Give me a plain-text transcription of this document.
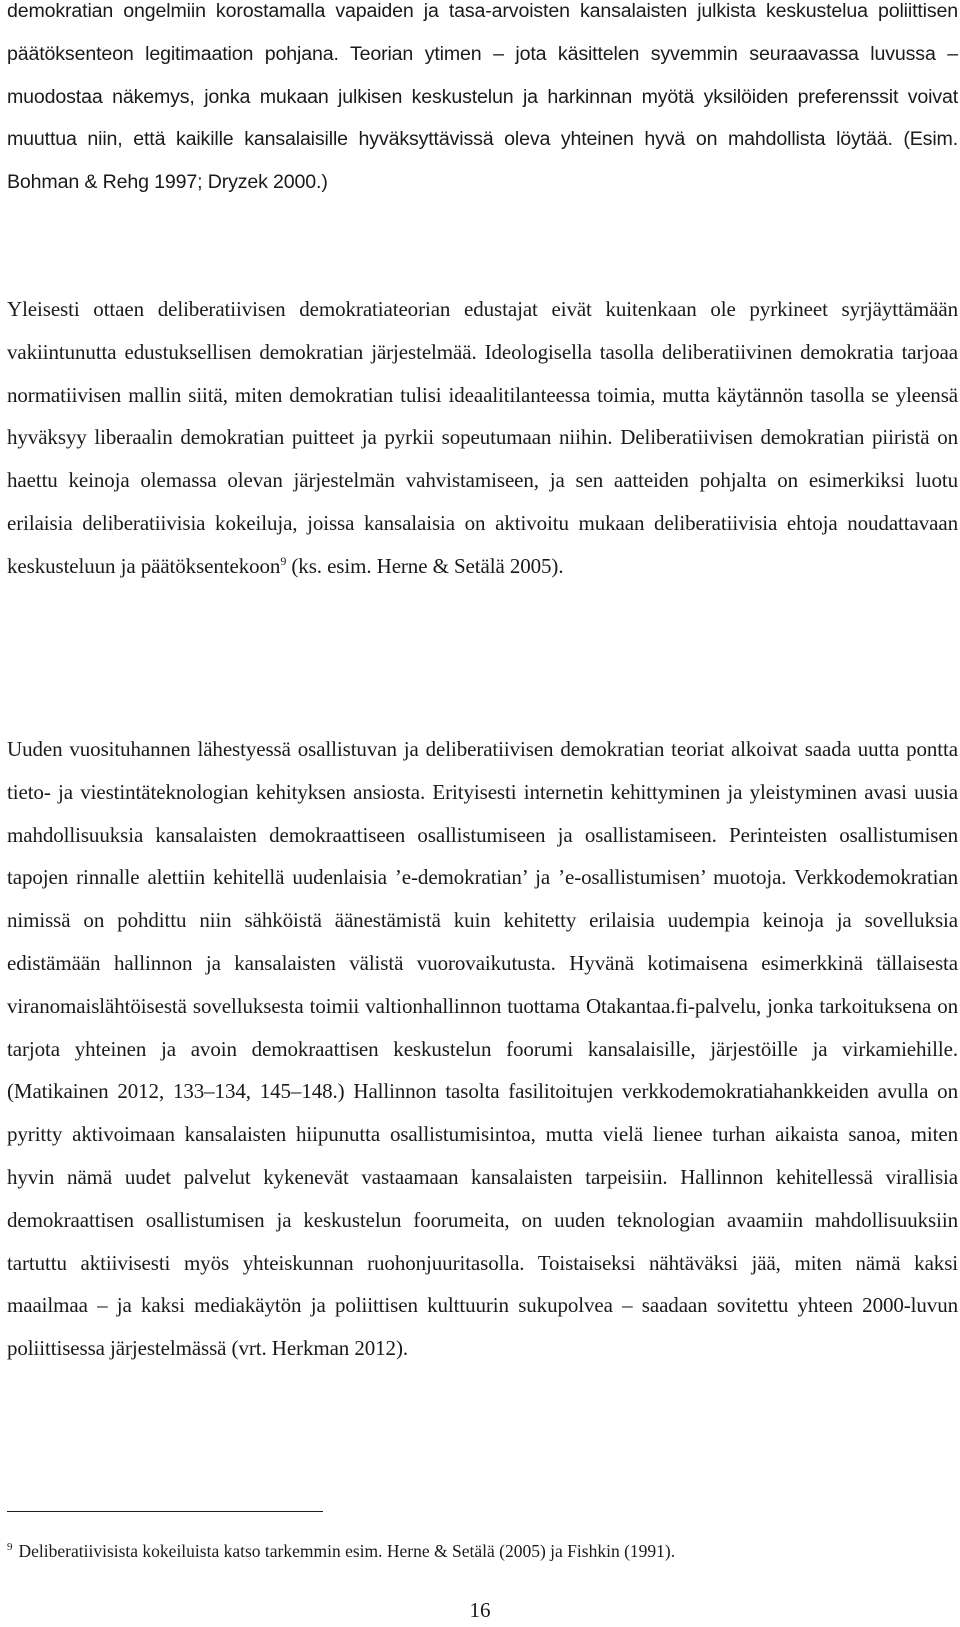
demokratian ongelmiin korostamalla vapaiden ja tasa-arvoisten kansalaisten julkista keskustelua poliittisen päätöksenteon legitimaation pohjana. Teorian ytimen – jota käsittelen syvemmin seuraavassa luvussa – muodostaa näkemys, jonka mukaan julkisen keskustelun ja harkinnan myötä yksilöiden preferenssit voivat muuttua niin, että kaikille kansalaisille hyväksyttävissä oleva yhteinen hyvä on mahdollista löytää. (Esim. Bohman & Rehg 1997; Dryzek 2000.)

Yleisesti ottaen deliberatiivisen demokratiateorian edustajat eivät kuitenkaan ole pyrkineet syrjäyttämään vakiintunutta edustuksellisen demokratian järjestelmää. Ideologisella tasolla deliberatiivinen demokratia tarjoaa normatiivisen mallin siitä, miten demokratian tulisi ideaalitilanteessa toimia, mutta käytännön tasolla se yleensä hyväksyy liberaalin demokratian puitteet ja pyrkii sopeutumaan niihin. Deliberatiivisen demokratian piiristä on haettu keinoja olemassa olevan järjestelmän vahvistamiseen, ja sen aatteiden pohjalta on esimerkiksi luotu erilaisia deliberatiivisia kokeiluja, joissa kansalaisia on aktivoitu mukaan deliberatiivisia ehtoja noudattavaan keskusteluun ja päätöksentekoon$^9$ (ks. esim. Herne & Setälä 2005).

Uuden vuosituhannen lähestyessä osallistuvan ja deliberatiivisen demokratian teoriat alkoivat saada uutta pontta tieto- ja viestintäteknologian kehityksen ansiosta. Erityisesti internetin kehittyminen ja yleistyminen avasi uusia mahdollisuuksia kansalaisten demokraattiseen osallistumiseen ja osallistamiseen. Perinteisten osallistumisen tapojen rinnalle alettiin kehitellä uudenlaisia ’e-demokratian’ ja ’e-osallistumisen’ muotoja. Verkkodemokratian nimissä on pohdittu niin sähköistä äänestämistä kuin kehitetty erilaisia uudempia keinoja ja sovelluksia edistämään hallinnon ja kansalaisten välistä vuorovaikutusta. Hyvänä kotimaisena esimerkkinä tällaisesta viranomaislähtöisestä sovelluksesta toimii valtionhallinnon tuottama Otakantaa.fi-palvelu, jonka tarkoituksena on tarjota yhteinen ja avoin demokraattisen keskustelun foorumi kansalaisille, järjestöille ja virkamiehille. (Matikainen 2012, 133–134, 145–148.) Hallinnon tasolta fasilitoitujen verkkodemokratiahankkeiden avulla on pyritty aktivoimaan kansalaisten hiipunutta osallistumisintoa, mutta vielä lienee turhan aikaista sanoa, miten hyvin nämä uudet palvelut kykenevät vastaamaan kansalaisten tarpeisiin. Hallinnon kehitellessä virallisia demokraattisen osallistumisen ja keskustelun foorumeita, on uuden teknologian avaamiin mahdollisuuksiin tartuttu aktiivisesti myös yhteiskunnan ruohonjuuritasolla. Toistaiseksi nähtäväksi jää, miten nämä kaksi maailmaa – ja kaksi mediakäytön ja poliittisen kulttuurin sukupolvea – saadaan sovitettu yhteen 2000-luvun poliittisessa järjestelmässä (vrt. Herkman 2012).

$^9$ Deliberatiivisista kokeiluista katso tarkemmin esim. Herne & Setälä (2005) ja Fishkin (1991).

16
